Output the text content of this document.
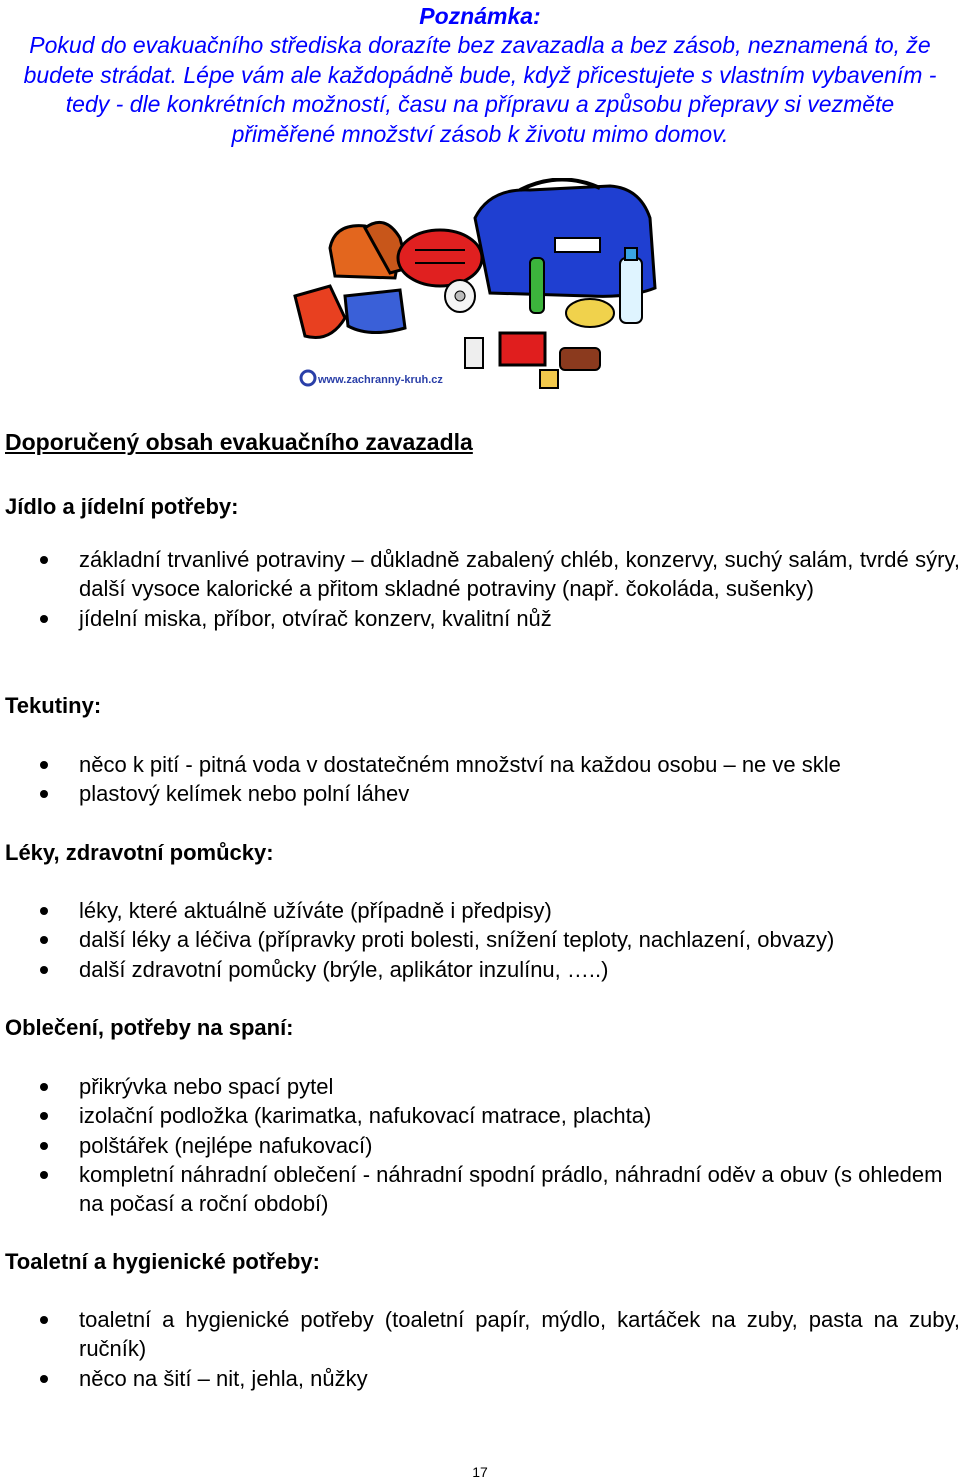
Poznámka:
Pokud do evakuačního střediska dorazíte bez zavazadla a bez zásob, neznamená to, že budete strádat. Lépe vám ale každopádně bude, když přicestujete s vlastním vybavením - tedy - dle konkrétních možností, času na přípravu a způsobu přepravy si vezměte přiměřené množství zásob k životu mimo domov.
www.zachranny-kruh.cz
Doporučený obsah evakuačního zavazadla
Jídlo a jídelní potřeby:
základní trvanlivé potraviny – důkladně zabalený chléb, konzervy, suchý salám, tvrdé sýry, další vysoce kalorické a přitom skladné potraviny (např. čokoláda, sušenky)
jídelní miska, příbor, otvírač konzerv, kvalitní nůž
Tekutiny:
něco k pití - pitná voda v dostatečném množství na každou osobu – ne ve skle
plastový kelímek nebo polní láhev
Léky, zdravotní pomůcky:
léky, které aktuálně užíváte (případně i předpisy)
další léky a léčiva (přípravky proti bolesti, snížení teploty, nachlazení, obvazy)
další zdravotní pomůcky (brýle, aplikátor inzulínu, …..)
Oblečení, potřeby na spaní:
přikrývka nebo spací pytel
izolační podložka (karimatka, nafukovací matrace, plachta)
polštářek (nejlépe nafukovací)
kompletní náhradní oblečení - náhradní spodní prádlo, náhradní oděv a obuv (s ohledem na počasí a roční období)
Toaletní a hygienické potřeby:
toaletní a hygienické potřeby (toaletní papír, mýdlo, kartáček na zuby, pasta na zuby, ručník)
něco na šití – nit, jehla, nůžky
17
